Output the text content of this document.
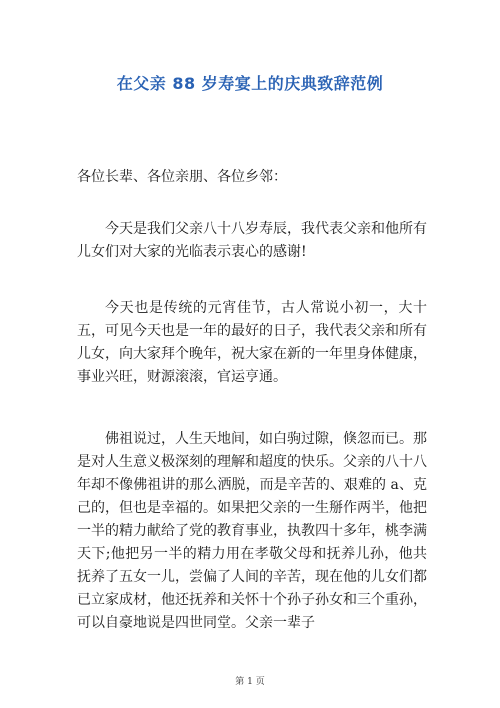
在父亲 88 岁寿宴上的庆典致辞范例

各位长辈、各位亲朋、各位乡邻：

今天是我们父亲八十八岁寿辰，我代表父亲和他所有儿女们对大家的光临表示衷心的感谢!

今天也是传统的元宵佳节，古人常说小初一，大十五，可见今天也是一年的最好的日子，我代表父亲和所有儿女，向大家拜个晚年，祝大家在新的一年里身体健康，事业兴旺，财源滚滚，官运亨通。

佛祖说过，人生天地间，如白驹过隙，倏忽而已。那是对人生意义极深刻的理解和超度的快乐。父亲的八十八年却不像佛祖讲的那么洒脱，而是辛苦的、艰难的 a、克己的，但也是幸福的。如果把父亲的一生掰作两半，他把一半的精力献给了党的教育事业，执教四十多年，桃李满天下;他把另一半的精力用在孝敬父母和抚养儿孙，他共抚养了五女一儿，尝偏了人间的辛苦，现在他的儿女们都已立家成材，他还抚养和关怀十个孙子孙女和三个重孙，可以自豪地说是四世同堂。父亲一辈子

第 1 页
